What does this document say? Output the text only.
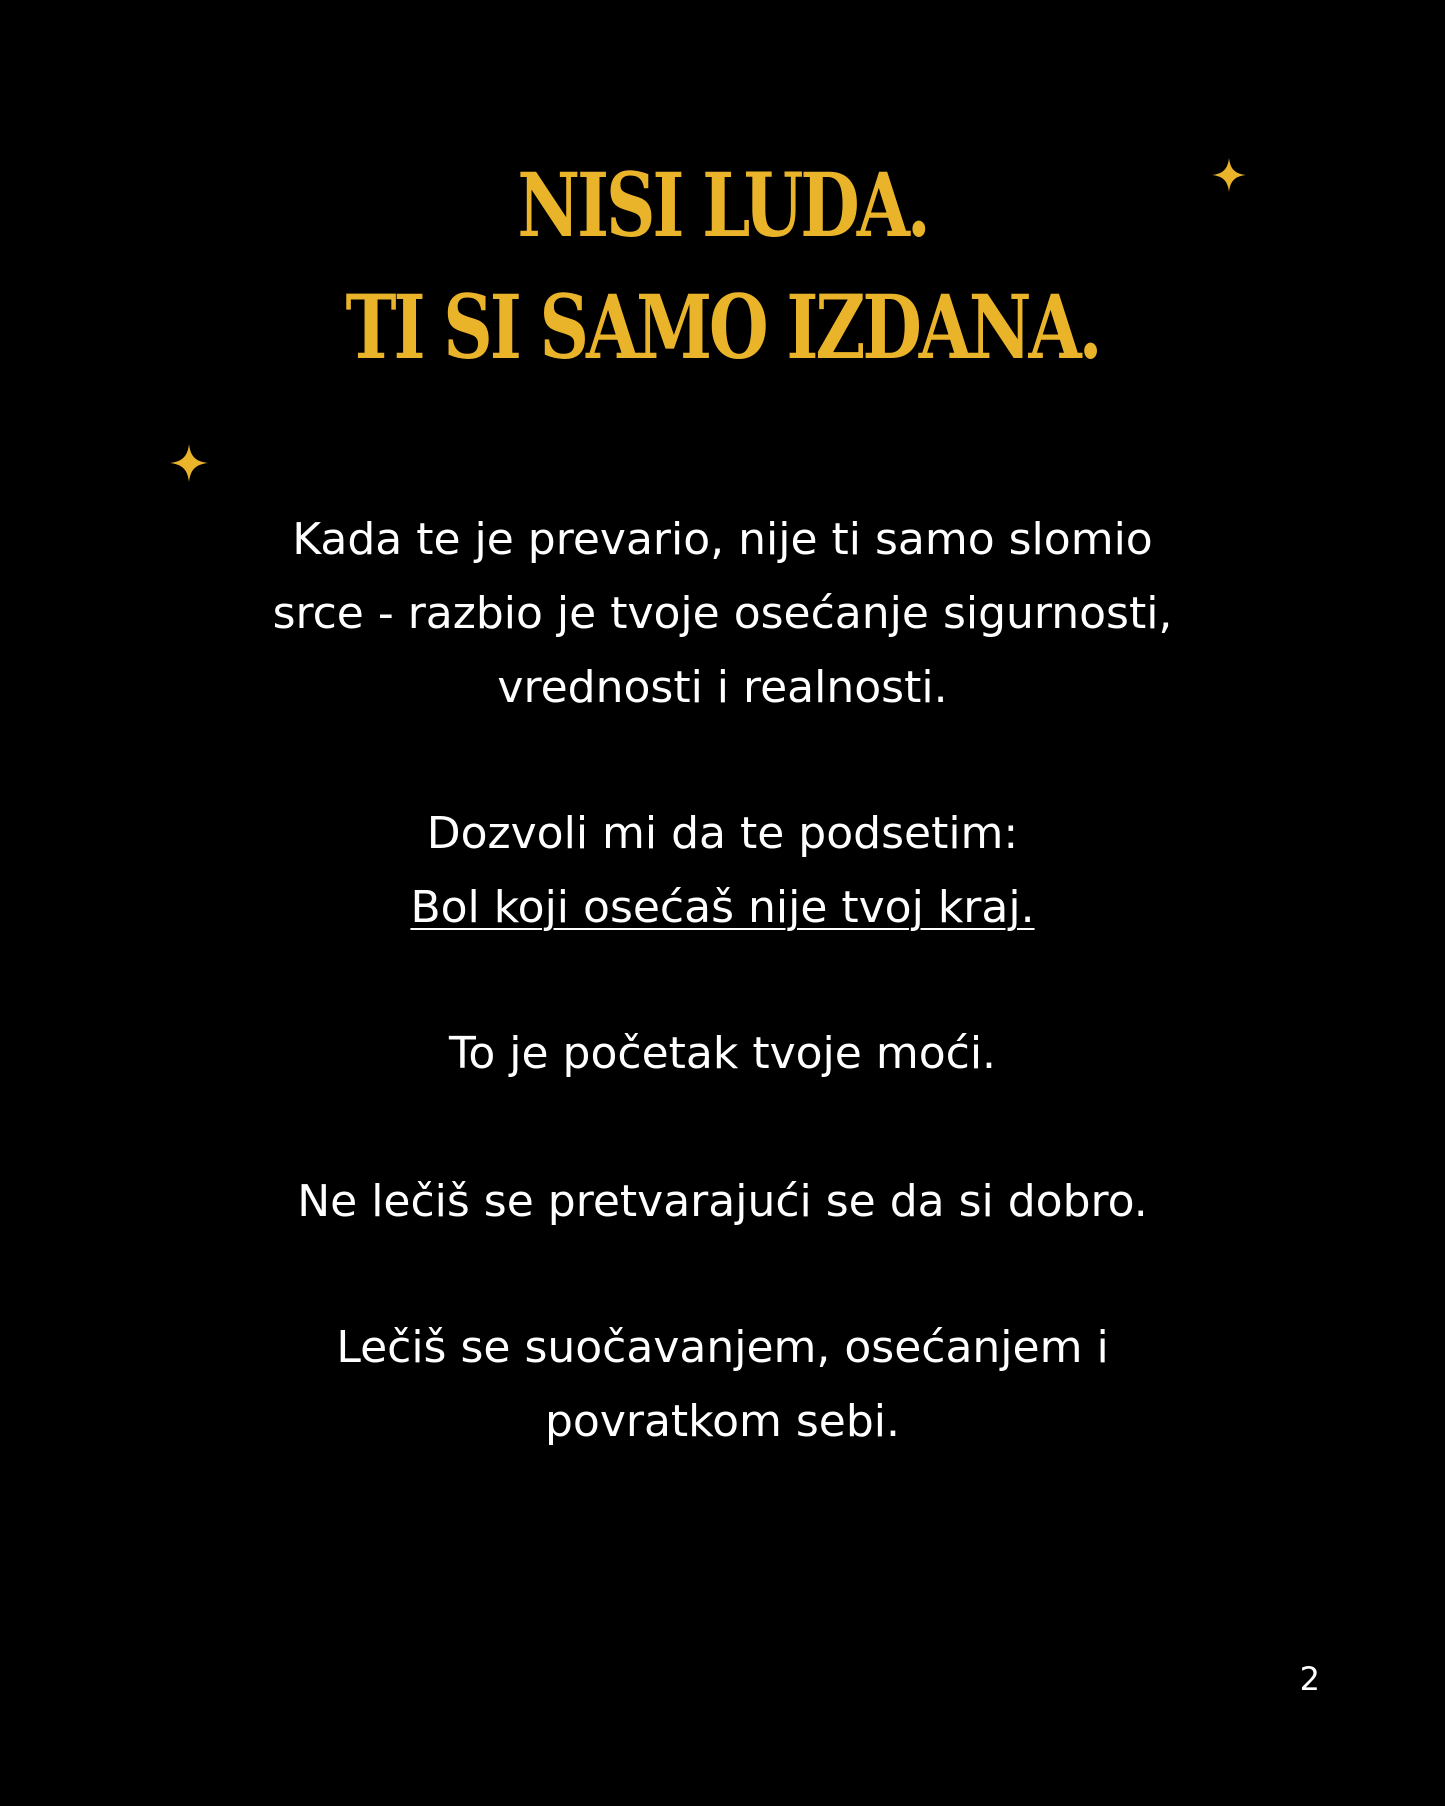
NISI LUDA.
TI SI SAMO IZDANA.

Kada te je prevario, nije ti samo slomio

srce - razbio je tvoje osećanje sigurnosti,

vrednosti i realnosti.

Dozvoli mi da te podsetim:

Bol koji osećaš nije tvoj kraj.

To je početak tvoje moći.

Ne lečiš se pretvarajući se da si dobro.

Lečiš se suočavanjem, osećanjem i

povratkom sebi.

2
